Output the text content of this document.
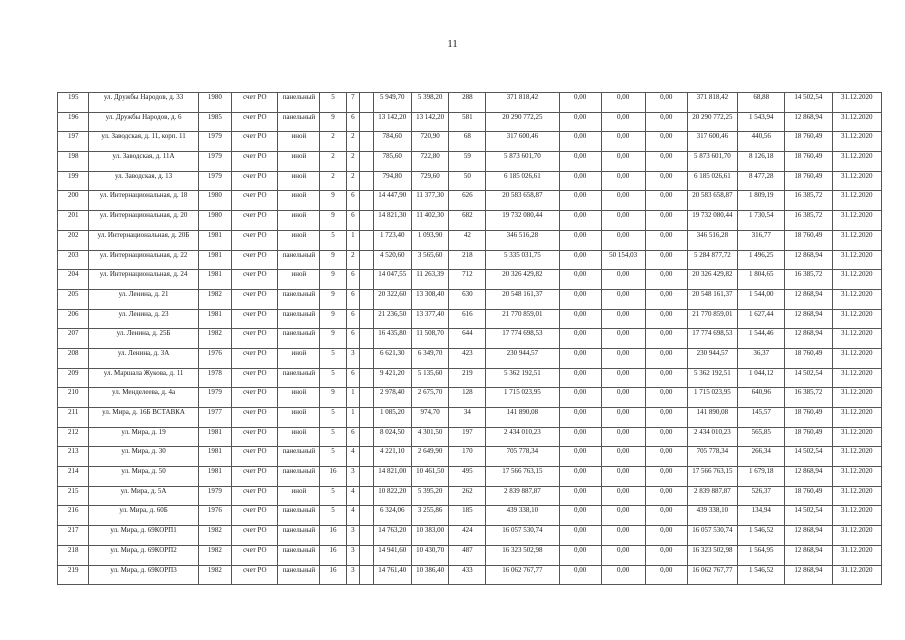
11
195	ул. Дружбы Народов, д. 33	1980	счет РО	панельный	5	7		5 949,70	5 398,20	288	371 818,42	0,00	0,00	0,00	371 818,42	68,88	14 502,54	31.12.2020
196	ул. Дружбы Народов, д. 6	1985	счет РО	панельный	9	6		13 142,20	13 142,20	581	20 290 772,25	0,00	0,00	0,00	20 290 772,25	1 543,94	12 868,94	31.12.2020
197	ул. Заводская, д. 11, корп. 11	1979	счет РО	иной	2	2		784,60	720,90	68	317 600,46	0,00	0,00	0,00	317 600,46	440,56	18 760,49	31.12.2020
198	ул. Заводская, д. 11А	1979	счет РО	иной	2	2		785,60	722,80	59	5 873 601,70	0,00	0,00	0,00	5 873 601,70	8 126,18	18 760,49	31.12.2020
199	ул. Заводская, д. 13	1979	счет РО	иной	2	2		794,80	729,60	50	6 185 026,61	0,00	0,00	0,00	6 185 026,61	8 477,28	18 760,49	31.12.2020
200	ул. Интернациональная, д. 18	1980	счет РО	иной	9	6		14 447,90	11 377,30	626	20 583 658,87	0,00	0,00	0,00	20 583 658,87	1 809,19	16 385,72	31.12.2020
201	ул. Интернациональная, д. 20	1980	счет РО	иной	9	6		14 821,30	11 402,30	682	19 732 080,44	0,00	0,00	0,00	19 732 080,44	1 730,54	16 385,72	31.12.2020
202	ул. Интернациональная, д. 20Б	1981	счет РО	иной	5	1		1 723,40	1 093,90	42	346 516,28	0,00	0,00	0,00	346 516,28	316,77	18 760,49	31.12.2020
203	ул. Интернациональная, д. 22	1981	счет РО	панельный	9	2		4 520,60	3 565,60	218	5 335 031,75	0,00	50 154,03	0,00	5 284 877,72	1 496,25	12 868,94	31.12.2020
204	ул. Интернациональная, д. 24	1981	счет РО	иной	9	6		14 047,55	11 263,39	712	20 326 429,82	0,00	0,00	0,00	20 326 429,82	1 804,65	16 385,72	31.12.2020
205	ул. Ленина, д. 21	1982	счет РО	панельный	9	6		20 322,60	13 308,40	630	20 548 161,37	0,00	0,00	0,00	20 548 161,37	1 544,00	12 868,94	31.12.2020
206	ул. Ленина, д. 23	1981	счет РО	панельный	9	6		21 236,50	13 377,40	616	21 770 859,01	0,00	0,00	0,00	21 770 859,01	1 627,44	12 868,94	31.12.2020
207	ул. Ленина, д. 25Б	1982	счет РО	панельный	9	6		16 435,80	11 508,70	644	17 774 698,53	0,00	0,00	0,00	17 774 698,53	1 544,46	12 868,94	31.12.2020
208	ул. Ленина, д. 3А	1976	счет РО	иной	5	3		6 621,30	6 349,70	423	230 944,57	0,00	0,00	0,00	230 944,57	36,37	18 760,49	31.12.2020
209	ул. Маршала Жукова, д. 11	1978	счет РО	панельный	5	6		9 421,20	5 135,60	219	5 362 192,51	0,00	0,00	0,00	5 362 192,51	1 044,12	14 502,54	31.12.2020
210	ул. Менделеева, д. 4а	1979	счет РО	иной	9	1		2 978,40	2 675,70	128	1 715 023,95	0,00	0,00	0,00	1 715 023,95	640,96	16 385,72	31.12.2020
211	ул. Мира, д. 16Б ВСТАВКА	1977	счет РО	иной	5	1		1 085,20	974,70	34	141 890,08	0,00	0,00	0,00	141 890,08	145,57	18 760,49	31.12.2020
212	ул. Мира, д. 19	1981	счет РО	иной	5	6		8 024,50	4 301,50	197	2 434 010,23	0,00	0,00	0,00	2 434 010,23	565,85	18 760,49	31.12.2020
213	ул. Мира, д. 30	1981	счет РО	панельный	5	4		4 221,10	2 649,90	170	705 778,34	0,00	0,00	0,00	705 778,34	266,34	14 502,54	31.12.2020
214	ул. Мира, д. 50	1981	счет РО	панельный	16	3		14 821,00	10 461,50	495	17 566 763,15	0,00	0,00	0,00	17 566 763,15	1 679,18	12 868,94	31.12.2020
215	ул. Мира, д. 5А	1979	счет РО	иной	5	4		10 822,20	5 395,20	262	2 839 887,87	0,00	0,00	0,00	2 839 887,87	526,37	18 760,49	31.12.2020
216	ул. Мира, д. 60Б	1976	счет РО	панельный	5	4		6 324,06	3 255,86	185	439 338,10	0,00	0,00	0,00	439 338,10	134,94	14 502,54	31.12.2020
217	ул. Мира, д. 69КОРП1	1982	счет РО	панельный	16	3		14 763,20	10 383,00	424	16 057 530,74	0,00	0,00	0,00	16 057 530,74	1 546,52	12 868,94	31.12.2020
218	ул. Мира, д. 69КОРП2	1982	счет РО	панельный	16	3		14 941,60	10 430,70	487	16 323 502,98	0,00	0,00	0,00	16 323 502,98	1 564,95	12 868,94	31.12.2020
219	ул. Мира, д. 69КОРП3	1982	счет РО	панельный	16	3		14 761,40	10 386,40	433	16 062 767,77	0,00	0,00	0,00	16 062 767,77	1 546,52	12 868,94	31.12.2020
